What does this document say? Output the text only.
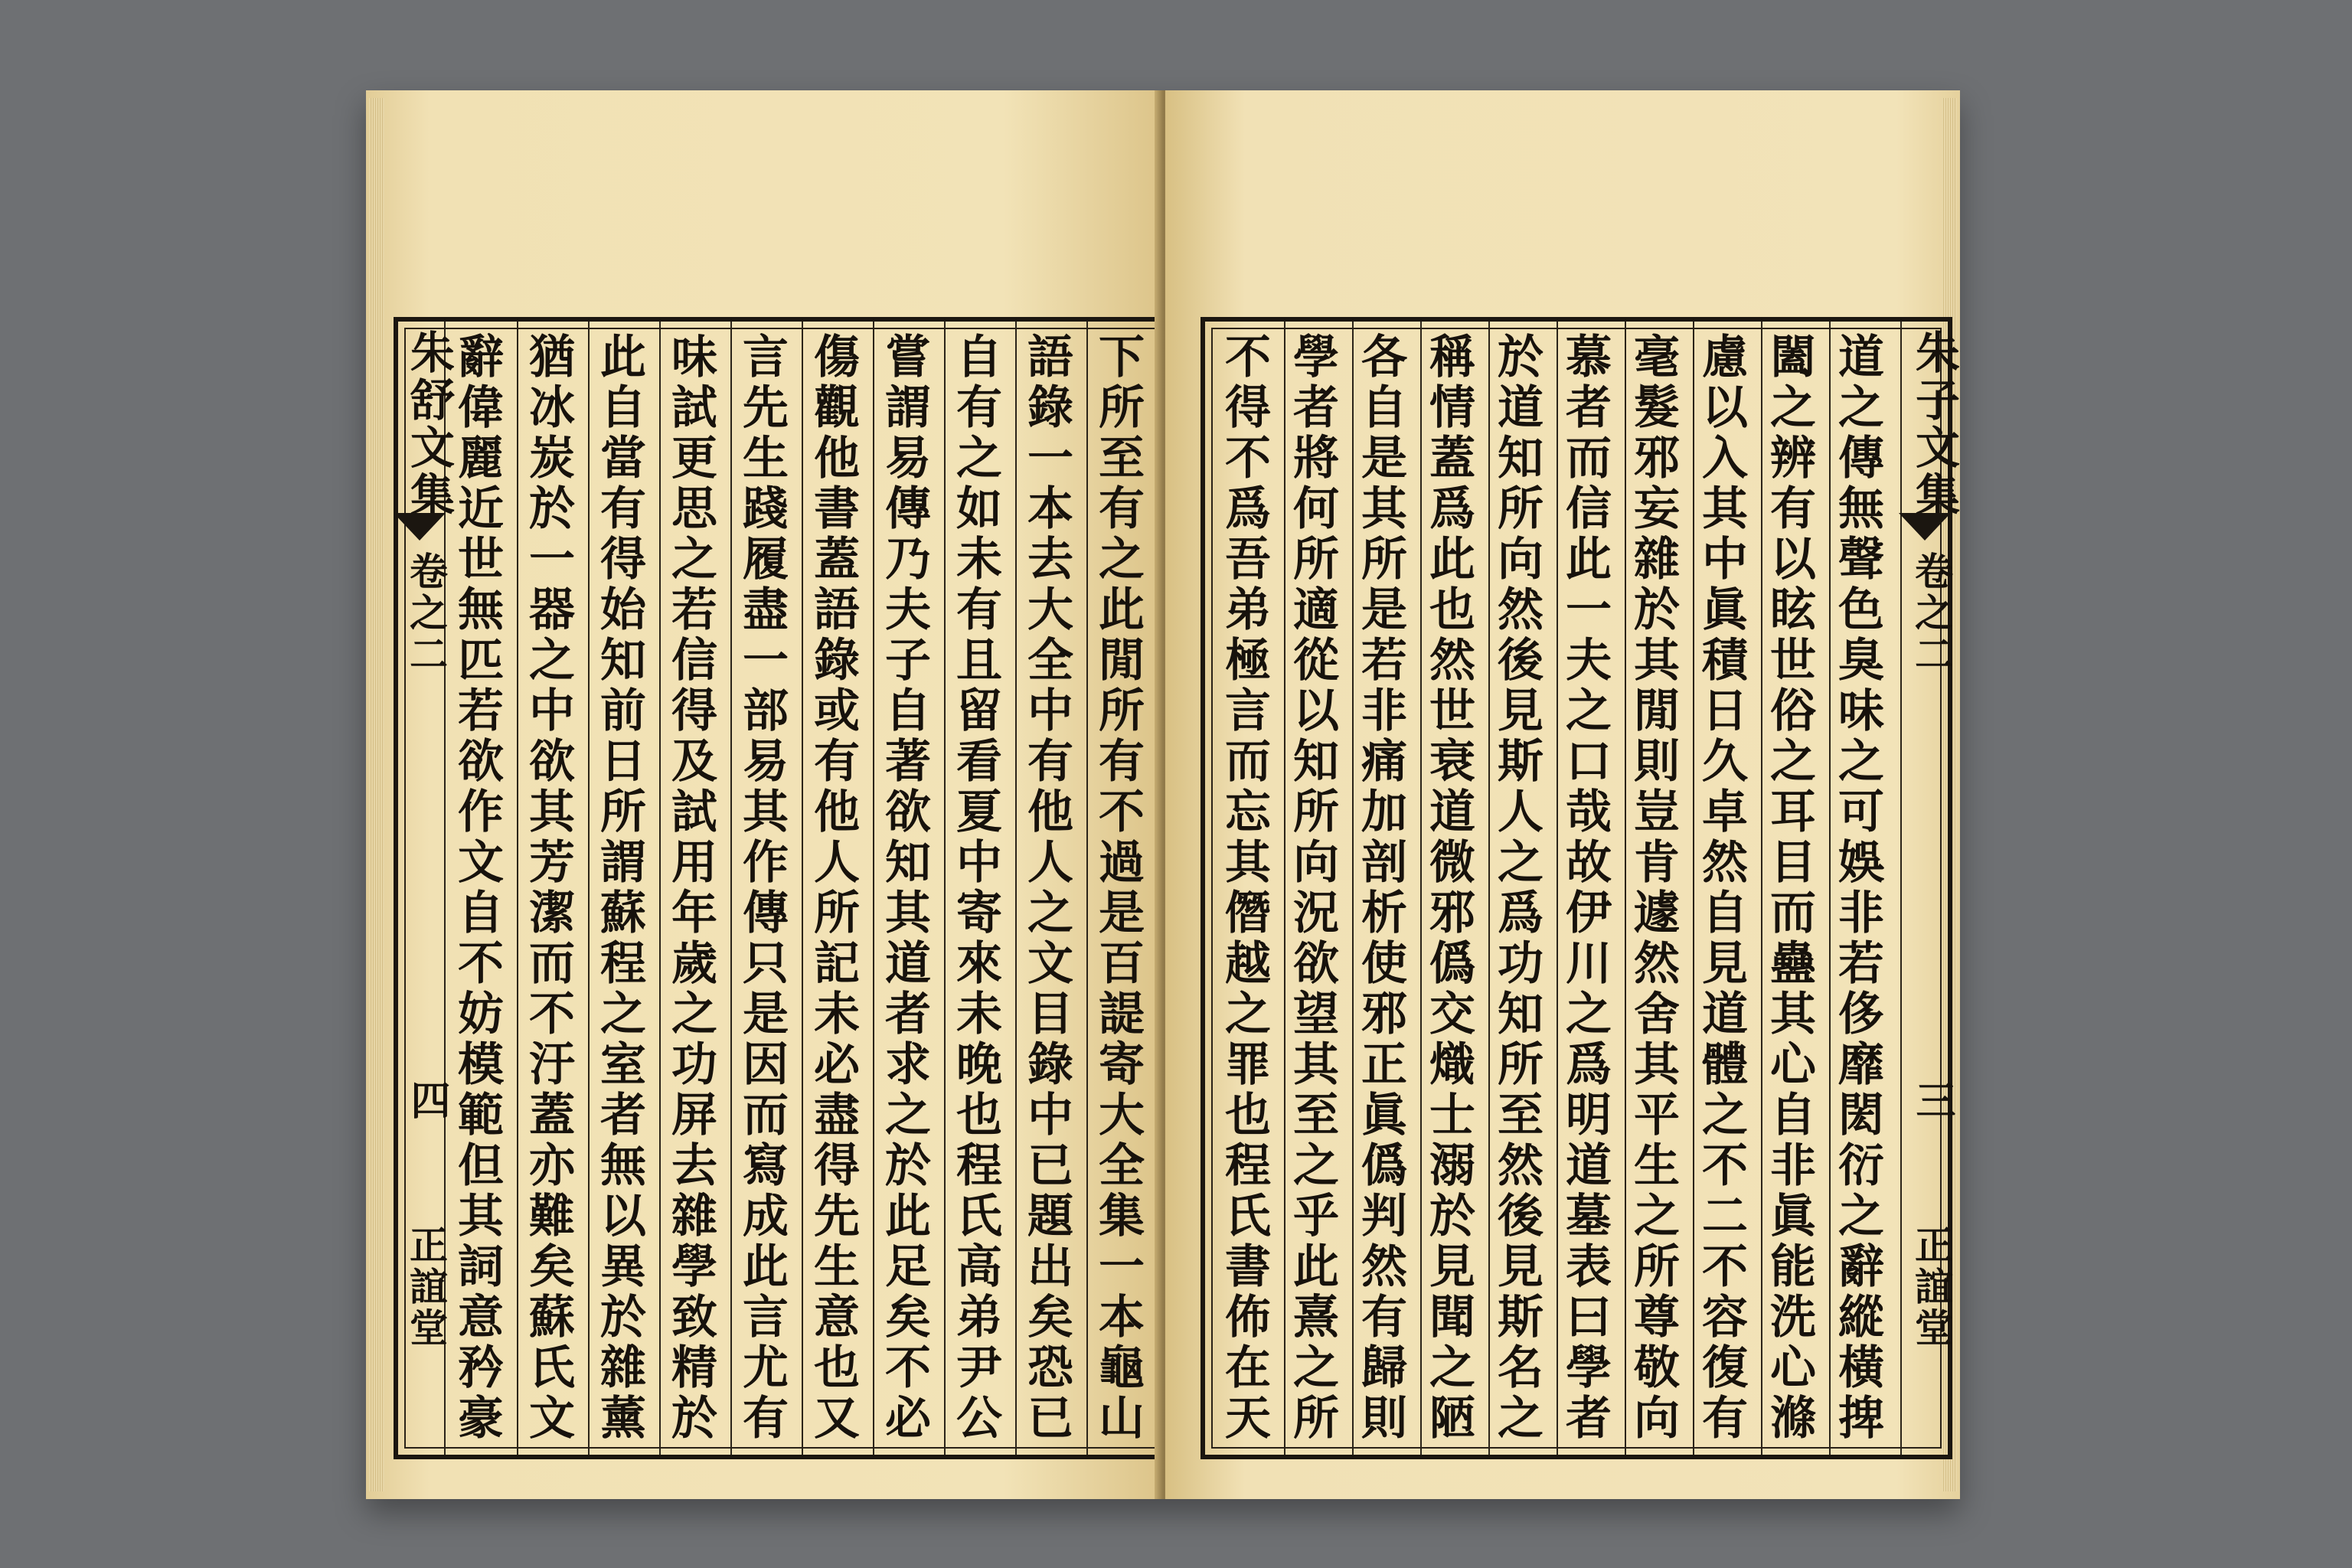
朱舒文集
卷之二
四
正誼堂	下所至有之此閒所有不過是百諟寄大全集一本龜山
語錄一本去大全中有他人之文目錄中已題出矣恐已
自有之如未有且留看夏中寄來未晚也程氏高弟尹公
嘗謂易傳乃夫子自著欲知其道者求之於此足矣不必
傷觀他書蓋語錄或有他人所記未必盡得先生意也又
言先生踐履盡一部易其作傳只是因而寫成此言尤有
味試更思之若信得及試用年歲之功屏去雜學致精於
此自當有得始知前日所謂蘇程之室者無以異於雜薰
猶冰炭於一器之中欲其芳潔而不汙蓋亦難矣蘇氏文
辭偉麗近世無匹若欲作文自不妨模範但其詞意矜豪	朱子文集
卷之二
三
正誼堂
道之傳無聲色臭味之可娛非若侈靡閎衍之辭縱橫捭
闔之辨有以眩世俗之耳目而蠱其心自非眞能洗心滌
慮以入其中眞積日久卓然自見道體之不二不容復有
毫髮邪妄雜於其閒則豈肯遽然舍其平生之所尊敬向
慕者而信此一夫之口哉故伊川之爲明道墓表曰學者
於道知所向然後見斯人之爲功知所至然後見斯名之
稱情蓋爲此也然世衰道微邪僞交熾士溺於見聞之陋
各自是其所是若非痛加剖析使邪正眞僞判然有歸則
學者將何所適從以知所向況欲望其至之乎此熹之所
不得不爲吾弟極言而忘其僭越之罪也程氏書佈在天
